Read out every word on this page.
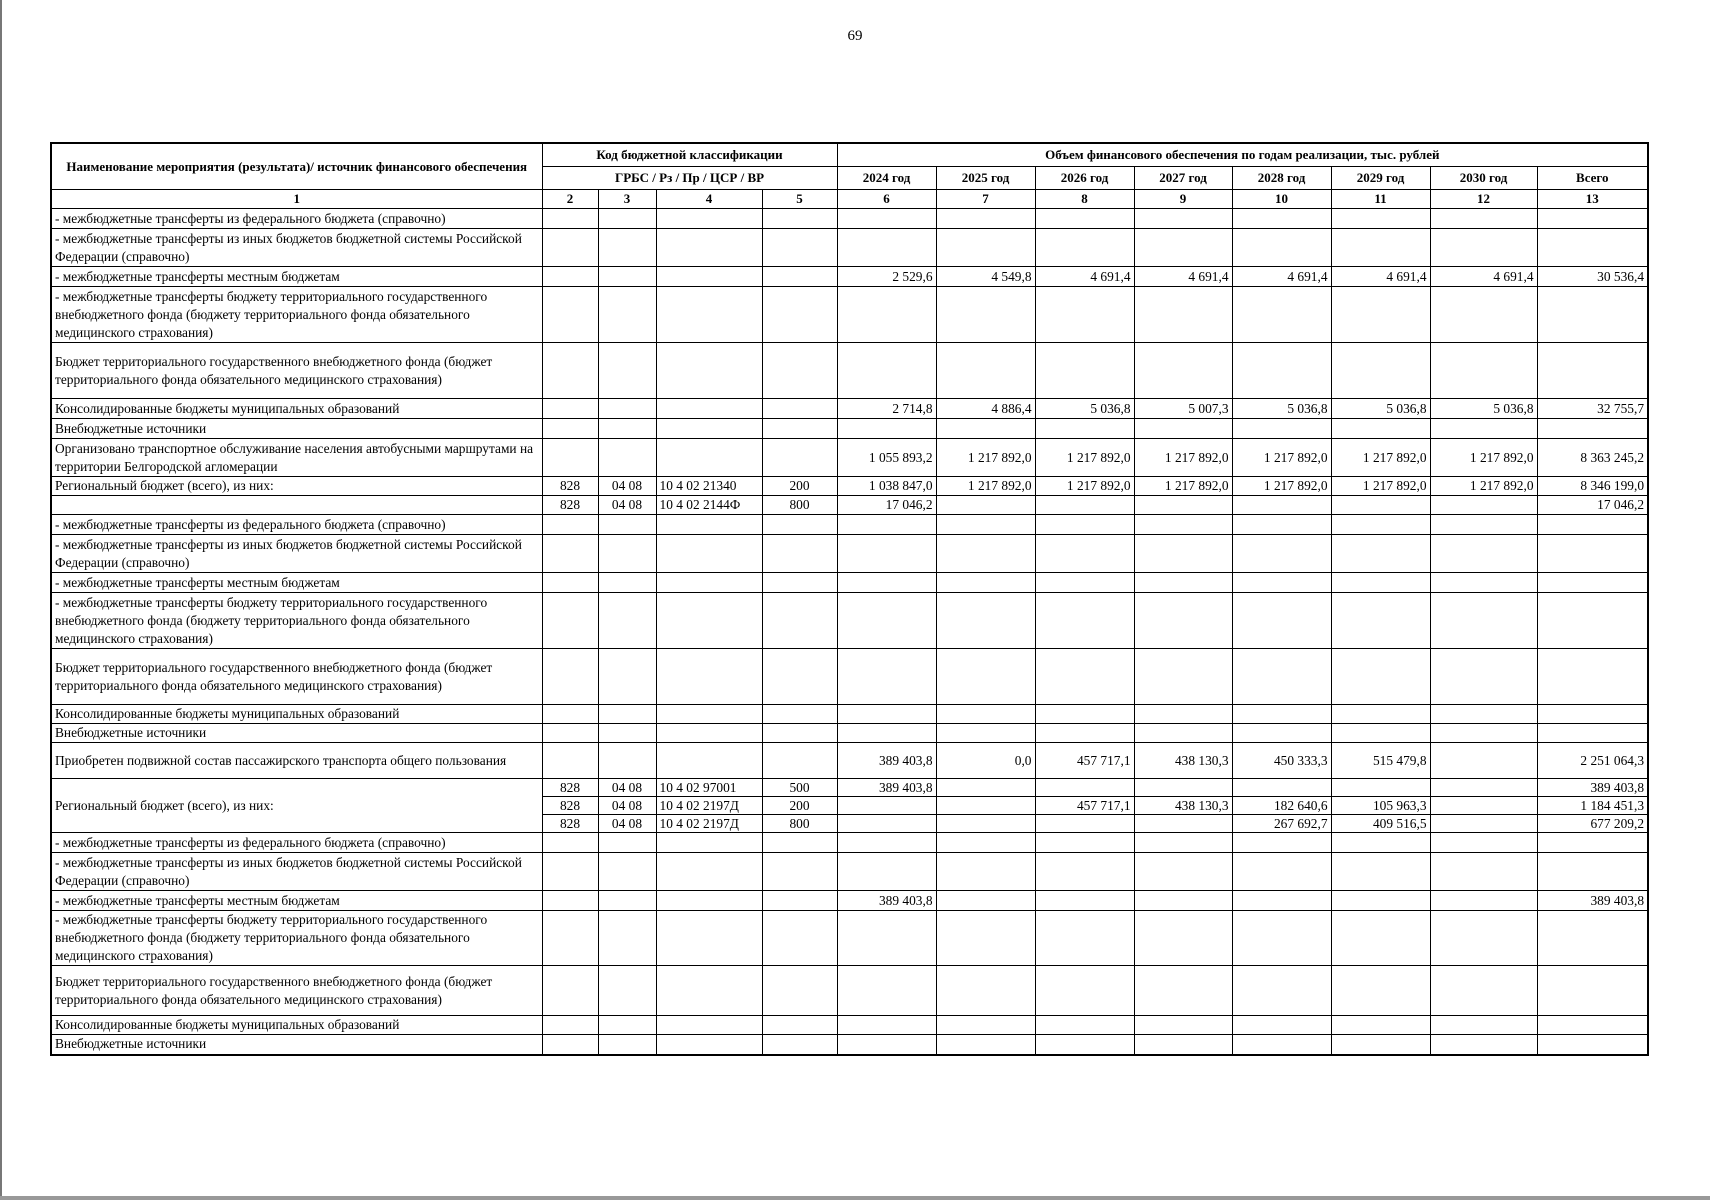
69
Наименование мероприятия (результата)/ источник финансового обеспечения	Код бюджетной классификации				Объем финансового обеспечения по годам реализации, тыс. рублей							
	ГРБС / Рз / Пр / ЦСР / ВР				2024 год	2025 год	2026 год	2027 год	2028 год	2029 год	2030 год	Всего
1	2	3	4	5	6	7	8	9	10	11	12	13
- межбюджетные трансферты из федерального бюджета (справочно)												
- межбюджетные трансферты из иных бюджетов бюджетной системы Российской Федерации (справочно)												
- межбюджетные трансферты местным бюджетам					2 529,6	4 549,8	4 691,4	4 691,4	4 691,4	4 691,4	4 691,4	30 536,4
- межбюджетные трансферты бюджету территориального государственного внебюджетного фонда (бюджету территориального фонда обязательного медицинского страхования)												
Бюджет территориального государственного внебюджетного фонда (бюджет территориального фонда обязательного медицинского страхования)												
Консолидированные бюджеты муниципальных образований					2 714,8	4 886,4	5 036,8	5 007,3	5 036,8	5 036,8	5 036,8	32 755,7
Внебюджетные источники												
Организовано транспортное обслуживание населения автобусными маршрутами на территории Белгородской агломерации					1 055 893,2	1 217 892,0	1 217 892,0	1 217 892,0	1 217 892,0	1 217 892,0	1 217 892,0	8 363 245,2
Региональный бюджет (всего), из них:	828	04 08	10 4 02 21340	200	1 038 847,0	1 217 892,0	1 217 892,0	1 217 892,0	1 217 892,0	1 217 892,0	1 217 892,0	8 346 199,0
	828	04 08	10 4 02 2144Ф	800	17 046,2							17 046,2
- межбюджетные трансферты из федерального бюджета (справочно)												
- межбюджетные трансферты из иных бюджетов бюджетной системы Российской Федерации (справочно)												
- межбюджетные трансферты местным бюджетам												
- межбюджетные трансферты бюджету территориального государственного внебюджетного фонда (бюджету территориального фонда обязательного медицинского страхования)												
Бюджет территориального государственного внебюджетного фонда (бюджет территориального фонда обязательного медицинского страхования)												
Консолидированные бюджеты муниципальных образований												
Внебюджетные источники												
Приобретен подвижной состав пассажирского транспорта общего пользования					389 403,8	0,0	457 717,1	438 130,3	450 333,3	515 479,8		2 251 064,3
Региональный бюджет (всего), из них:	828	04 08	10 4 02 97001	500	389 403,8							389 403,8
	828	04 08	10 4 02 2197Д	200			457 717,1	438 130,3	182 640,6	105 963,3		1 184 451,3
	828	04 08	10 4 02 2197Д	800					267 692,7	409 516,5		677 209,2
- межбюджетные трансферты из федерального бюджета (справочно)												
- межбюджетные трансферты из иных бюджетов бюджетной системы Российской Федерации (справочно)												
- межбюджетные трансферты местным бюджетам					389 403,8							389 403,8
- межбюджетные трансферты бюджету территориального государственного внебюджетного фонда (бюджету территориального фонда обязательного медицинского страхования)												
Бюджет территориального государственного внебюджетного фонда (бюджет территориального фонда обязательного медицинского страхования)												
Консолидированные бюджеты муниципальных образований												
Внебюджетные источники												
